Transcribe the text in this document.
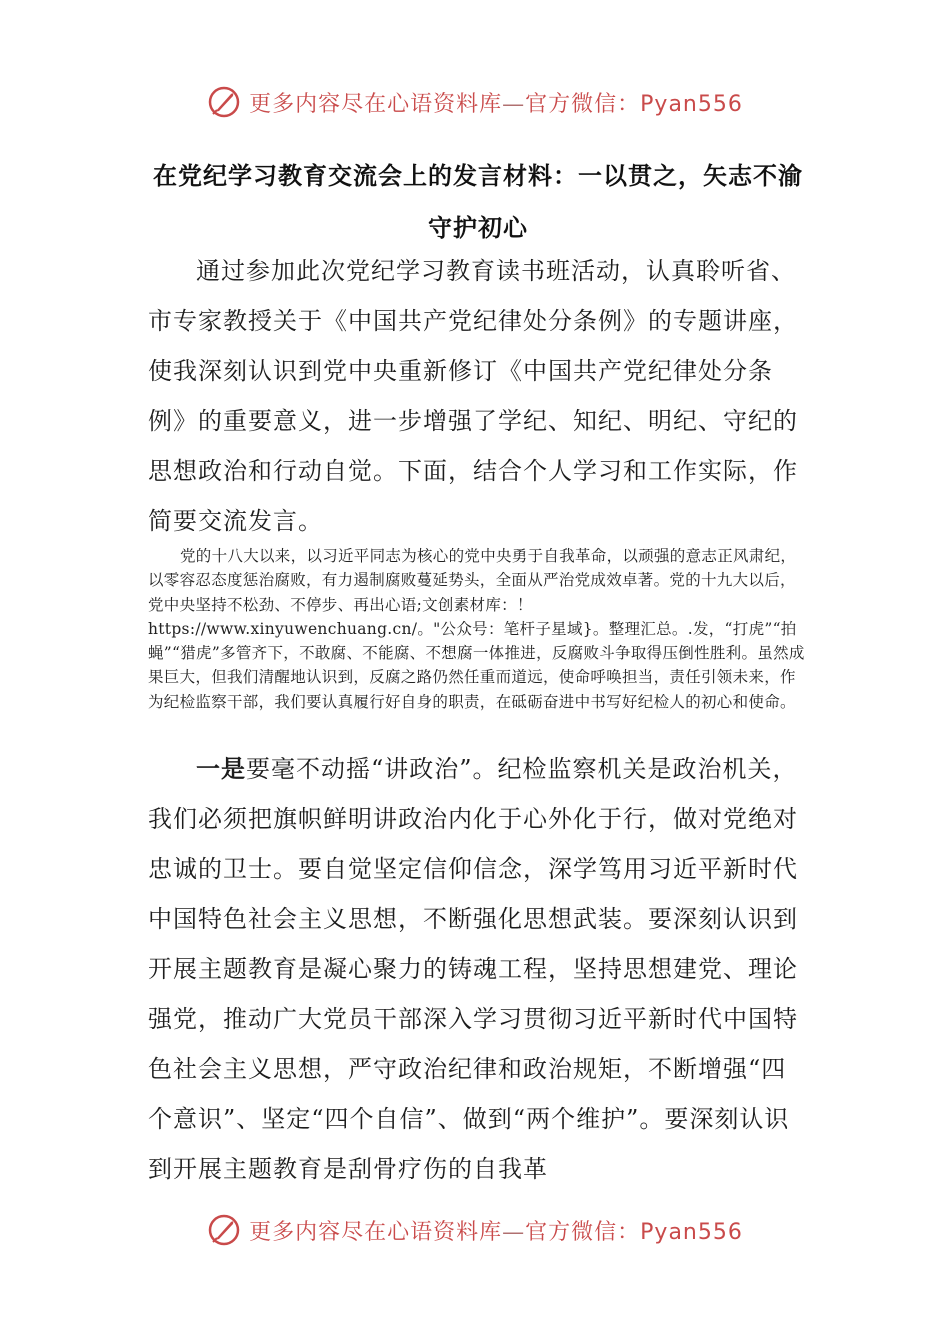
更多内容尽在心语资料库—官方微信：Pyan556
在党纪学习教育交流会上的发言材料：一以贯之，矢志不渝守护初心

通过参加此次党纪学习教育读书班活动，认真聆听省、市专家教授关于《中国共产党纪律处分条例》的专题讲座，使我深刻认识到党中央重新修订《中国共产党纪律处分条例》的重要意义，进一步增强了学纪、知纪、明纪、守纪的思想政治和行动自觉。下面，结合个人学习和工作实际，作简要交流发言。

党的十八大以来，以习近平同志为核心的党中央勇于自我革命，以顽强的意志正风肃纪，以零容忍态度惩治腐败，有力遏制腐败蔓延势头，全面从严治党成效卓著。党的十九大以后，党中央坚持不松劲、不停步、再出心语;文创素材库：！https://www.xinyuwenchuang.cn/。"公众号：笔杆子星域}。整理汇总。.发，“打虎”“拍蝇”“猎虎”多管齐下，不敢腐、不能腐、不想腐一体推进，反腐败斗争取得压倒性胜利。虽然成果巨大，但我们清醒地认识到，反腐之路仍然任重而道远，使命呼唤担当，责任引领未来，作为纪检监察干部，我们要认真履行好自身的职责，在砥砺奋进中书写好纪检人的初心和使命。

一是要毫不动摇“讲政治”。纪检监察机关是政治机关，我们必须把旗帜鲜明讲政治内化于心外化于行，做对党绝对忠诚的卫士。要自觉坚定信仰信念，深学笃用习近平新时代中国特色社会主义思想，不断强化思想武装。要深刻认识到开展主题教育是凝心聚力的铸魂工程，坚持思想建党、理论强党，推动广大党员干部深入学习贯彻习近平新时代中国特色社会主义思想，严守政治纪律和政治规矩，不断增强“四个意识”、坚定“四个自信”、做到“两个维护”。要深刻认识到开展主题教育是刮骨疗伤的自我革

更多内容尽在心语资料库—官方微信：Pyan556
